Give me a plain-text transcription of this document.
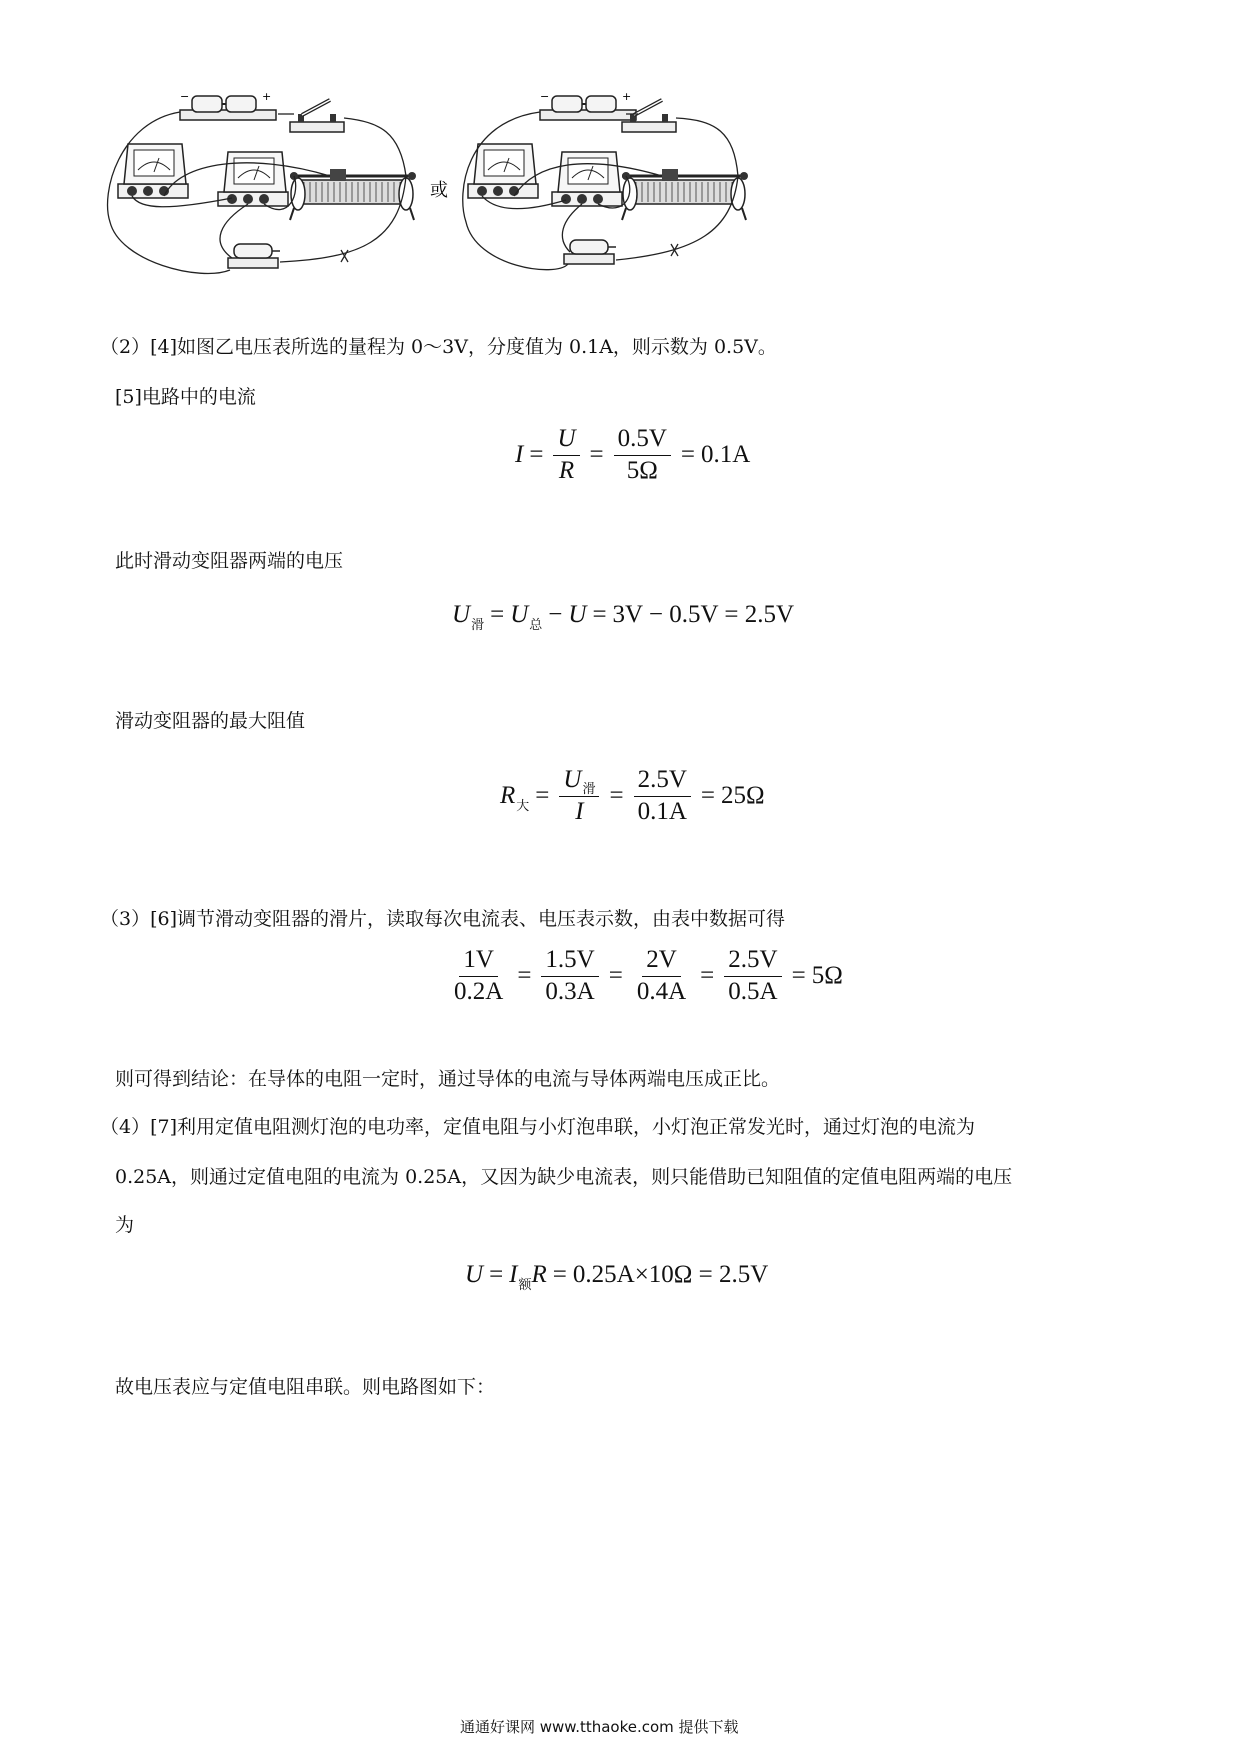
−	+
或
−	+
（2）[4]如图乙电压表所选的量程为 0～3V，分度值为 0.1A，则示数为 0.5V。
[5]电路中的电流
$I = \frac{U}{R} = \frac{0.5V}{5\Omega} = 0.1A$
此时滑动变阻器两端的电压
U 滑 = U 总 − U = 3V − 0.5V = 2.5V
滑动变阻器的最大阻值
R 大 = $\frac{U_滑}{I} = \frac{2.5V}{0.1A} = 25\Omega$
（3）[6]调节滑动变阻器的滑片，读取每次电流表、电压表示数，由表中数据可得
$\frac{1V}{0.2A} = \frac{1.5V}{0.3A} = \frac{2V}{0.4A} = \frac{2.5V}{0.5A} = 5\Omega$
则可得到结论：在导体的电阻一定时，通过导体的电流与导体两端电压成正比。
（4）[7]利用定值电阻测灯泡的电功率，定值电阻与小灯泡串联，小灯泡正常发光时，通过灯泡的电流为
0.25A，则通过定值电阻的电流为 0.25A，又因为缺少电流表，则只能借助已知阻值的定值电阻两端的电压
为
U = I 额 R = 0.25A×10Ω = 2.5V
故电压表应与定值电阻串联。则电路图如下：
通通好课网 www.tthaoke.com 提供下载
